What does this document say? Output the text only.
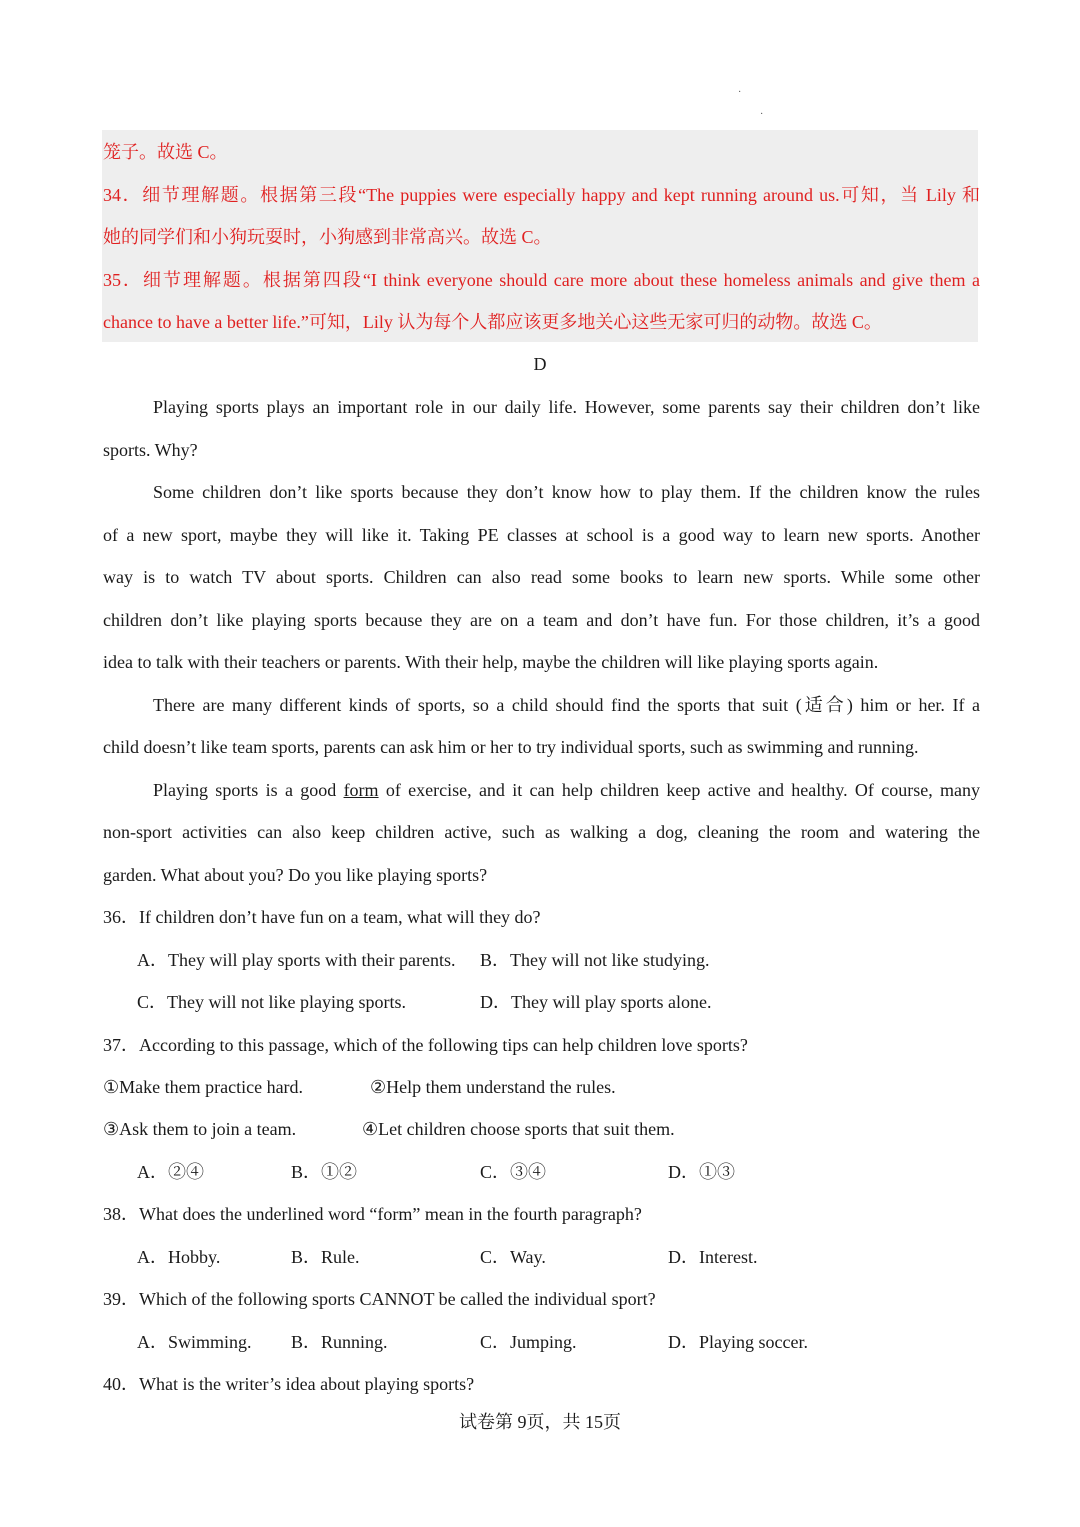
·
·
笼子。故选 C。
34．细节理解题。根据第三段“The puppies were especially happy and kept running around us.可知，当 Lily 和
她的同学们和小狗玩耍时，小狗感到非常高兴。故选 C。
35．细节理解题。根据第四段“I think everyone should care more about these homeless animals and give them a
chance to have a better life.”可知，Lily 认为每个人都应该更多地关心这些无家可归的动物。故选 C。
D
Playing sports plays an important role in our daily life. However, some parents say their children don’t like
sports. Why?
Some children don’t like sports because they don’t know how to play them. If the children know the rules
of a new sport, maybe they will like it. Taking PE classes at school is a good way to learn new sports. Another
way is to watch TV about sports. Children can also read some books to learn new sports. While some other
children don’t like playing sports because they are on a team and don’t have fun. For those children, it’s a good
idea to talk with their teachers or parents. With their help, maybe the children will like playing sports again.
There are many different kinds of sports, so a child should find the sports that suit (适合) him or her. If a
child doesn’t like team sports, parents can ask him or her to try individual sports, such as swimming and running.
Playing sports is a good form of exercise, and it can help children keep active and healthy. Of course, many
non-sport activities can also keep children active, such as walking a dog, cleaning the room and watering the
garden. What about you? Do you like playing sports?
36．If children don’t have fun on a team, what will they do?
A．They will play sports with their parents. B．They will not like studying.
C．They will not like playing sports.	D．They will play sports alone.
37．According to this passage, which of the following tips can help children love sports?
①Make them practice hard.	②Help them understand the rules.
③Ask them to join a team.	④Let children choose sports that suit them.
A．②④	B．①②	C．③④	D．①③
38．What does the underlined word “form” mean in the fourth paragraph?
A．Hobby.	B．Rule.	C．Way.	D．Interest.
39．Which of the following sports CANNOT be called the individual sport?
A．Swimming. B．Running.	C．Jumping.	D．Playing soccer.
40．What is the writer’s idea about playing sports?
试卷第 9页，共 15页
